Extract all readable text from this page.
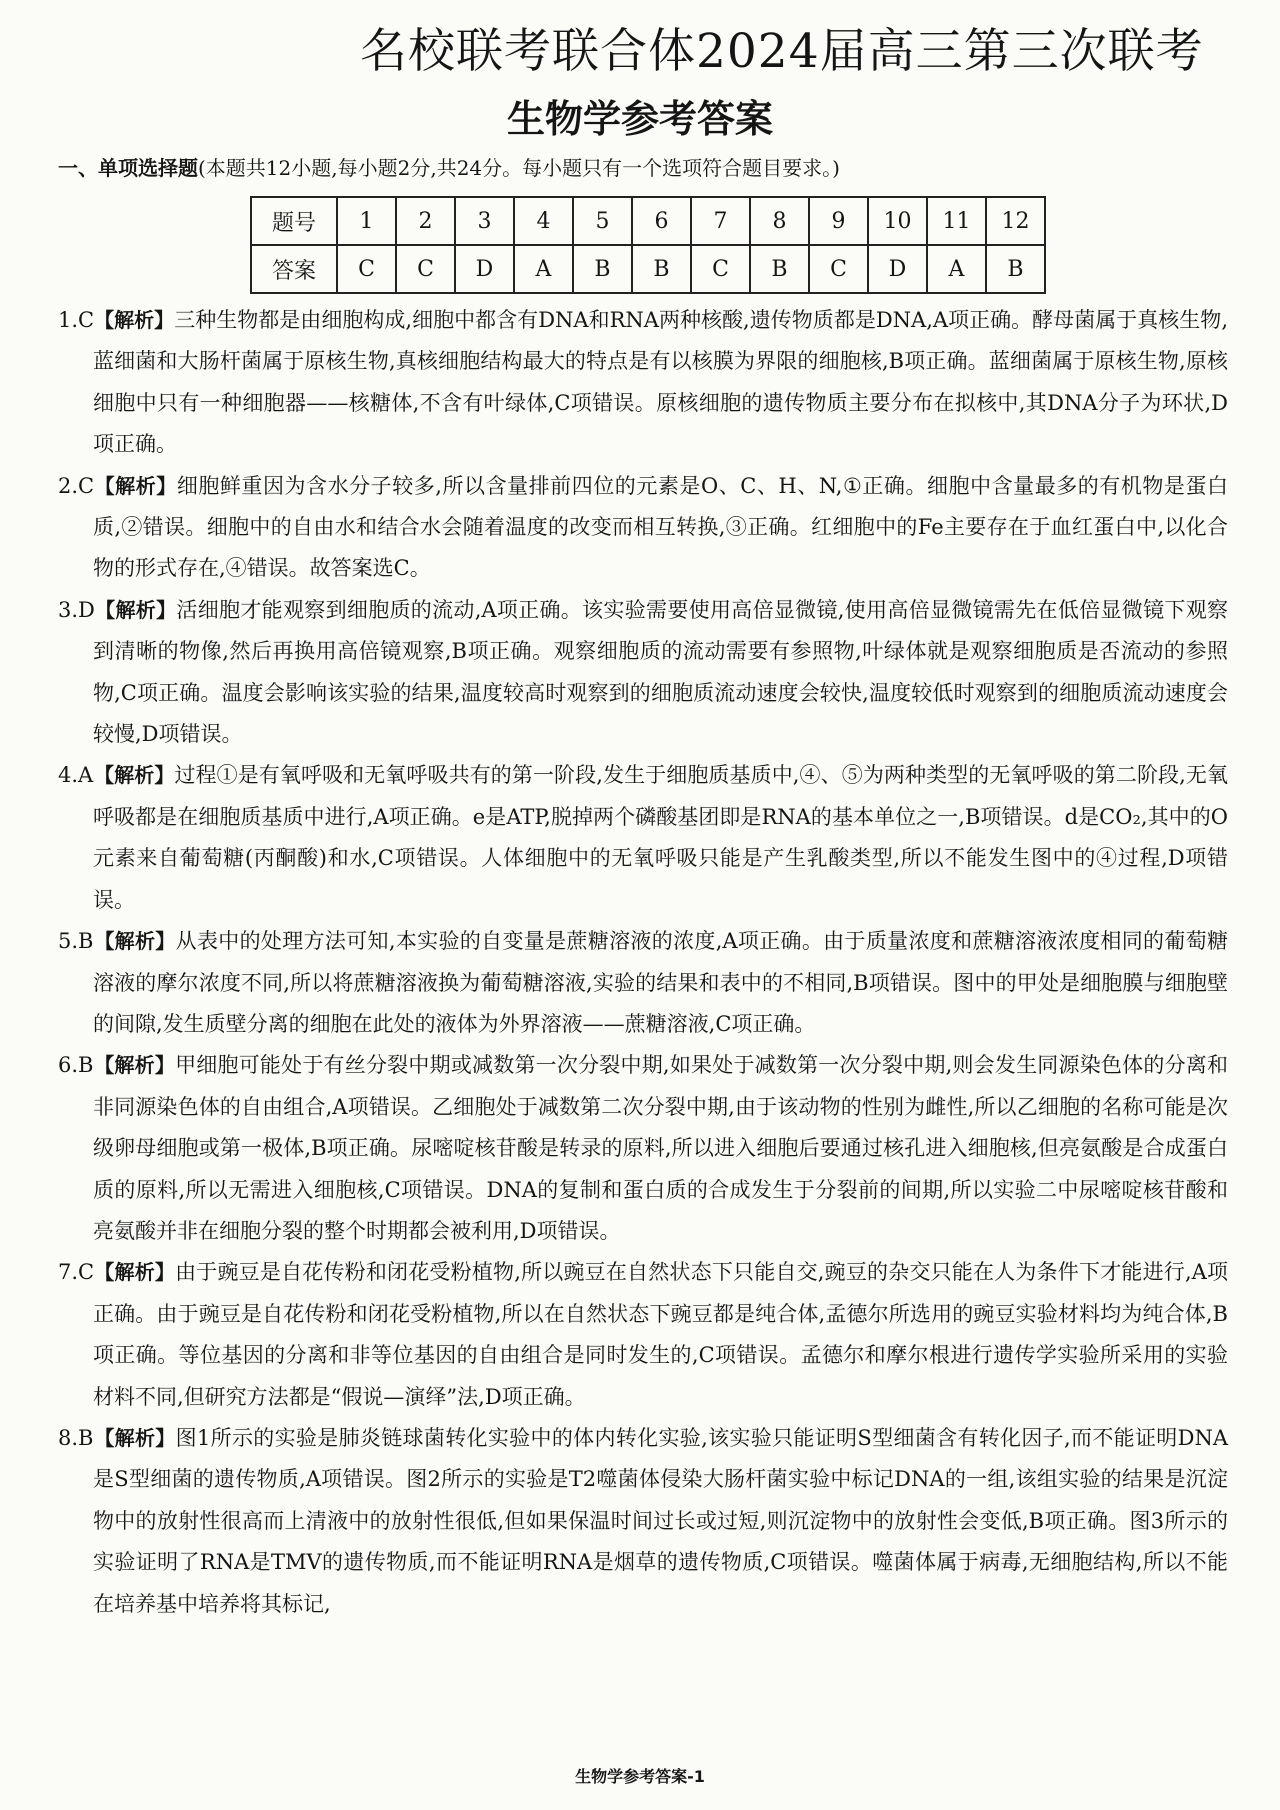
名校联考联合体2024届高三第三次联考
生物学参考答案
一、单项选择题(本题共12小题,每小题2分,共24分。每小题只有一个选项符合题目要求。)
题号	1	2	3	4	5	6	7	8	9	10	11	12
答案	C	C	D	A	B	B	C	B	C	D	A	B

1.C【解析】三种生物都是由细胞构成,细胞中都含有DNA和RNA两种核酸,遗传物质都是DNA,A项正确。酵母菌属于真核生物,蓝细菌和大肠杆菌属于原核生物,真核细胞结构最大的特点是有以核膜为界限的细胞核,B项正确。蓝细菌属于原核生物,原核细胞中只有一种细胞器——核糖体,不含有叶绿体,C项错误。原核细胞的遗传物质主要分布在拟核中,其DNA分子为环状,D项正确。

2.C【解析】细胞鲜重因为含水分子较多,所以含量排前四位的元素是O、C、H、N,①正确。细胞中含量最多的有机物是蛋白质,②错误。细胞中的自由水和结合水会随着温度的改变而相互转换,③正确。红细胞中的Fe主要存在于血红蛋白中,以化合物的形式存在,④错误。故答案选C。

3.D【解析】活细胞才能观察到细胞质的流动,A项正确。该实验需要使用高倍显微镜,使用高倍显微镜需先在低倍显微镜下观察到清晰的物像,然后再换用高倍镜观察,B项正确。观察细胞质的流动需要有参照物,叶绿体就是观察细胞质是否流动的参照物,C项正确。温度会影响该实验的结果,温度较高时观察到的细胞质流动速度会较快,温度较低时观察到的细胞质流动速度会较慢,D项错误。

4.A【解析】过程①是有氧呼吸和无氧呼吸共有的第一阶段,发生于细胞质基质中,④、⑤为两种类型的无氧呼吸的第二阶段,无氧呼吸都是在细胞质基质中进行,A项正确。e是ATP,脱掉两个磷酸基团即是RNA的基本单位之一,B项错误。d是CO₂,其中的O元素来自葡萄糖(丙酮酸)和水,C项错误。人体细胞中的无氧呼吸只能是产生乳酸类型,所以不能发生图中的④过程,D项错误。

5.B【解析】从表中的处理方法可知,本实验的自变量是蔗糖溶液的浓度,A项正确。由于质量浓度和蔗糖溶液浓度相同的葡萄糖溶液的摩尔浓度不同,所以将蔗糖溶液换为葡萄糖溶液,实验的结果和表中的不相同,B项错误。图中的甲处是细胞膜与细胞壁的间隙,发生质壁分离的细胞在此处的液体为外界溶液——蔗糖溶液,C项正确。

6.B【解析】甲细胞可能处于有丝分裂中期或减数第一次分裂中期,如果处于减数第一次分裂中期,则会发生同源染色体的分离和非同源染色体的自由组合,A项错误。乙细胞处于减数第二次分裂中期,由于该动物的性别为雌性,所以乙细胞的名称可能是次级卵母细胞或第一极体,B项正确。尿嘧啶核苷酸是转录的原料,所以进入细胞后要通过核孔进入细胞核,但亮氨酸是合成蛋白质的原料,所以无需进入细胞核,C项错误。DNA的复制和蛋白质的合成发生于分裂前的间期,所以实验二中尿嘧啶核苷酸和亮氨酸并非在细胞分裂的整个时期都会被利用,D项错误。

7.C【解析】由于豌豆是自花传粉和闭花受粉植物,所以豌豆在自然状态下只能自交,豌豆的杂交只能在人为条件下才能进行,A项正确。由于豌豆是自花传粉和闭花受粉植物,所以在自然状态下豌豆都是纯合体,孟德尔所选用的豌豆实验材料均为纯合体,B项正确。等位基因的分离和非等位基因的自由组合是同时发生的,C项错误。孟德尔和摩尔根进行遗传学实验所采用的实验材料不同,但研究方法都是“假说—演绎”法,D项正确。

8.B【解析】图1所示的实验是肺炎链球菌转化实验中的体内转化实验,该实验只能证明S型细菌含有转化因子,而不能证明DNA是S型细菌的遗传物质,A项错误。图2所示的实验是T2噬菌体侵染大肠杆菌实验中标记DNA的一组,该组实验的结果是沉淀物中的放射性很高而上清液中的放射性很低,但如果保温时间过长或过短,则沉淀物中的放射性会变低,B项正确。图3所示的实验证明了RNA是TMV的遗传物质,而不能证明RNA是烟草的遗传物质,C项错误。噬菌体属于病毒,无细胞结构,所以不能在培养基中培养将其标记,

生物学参考答案-1
